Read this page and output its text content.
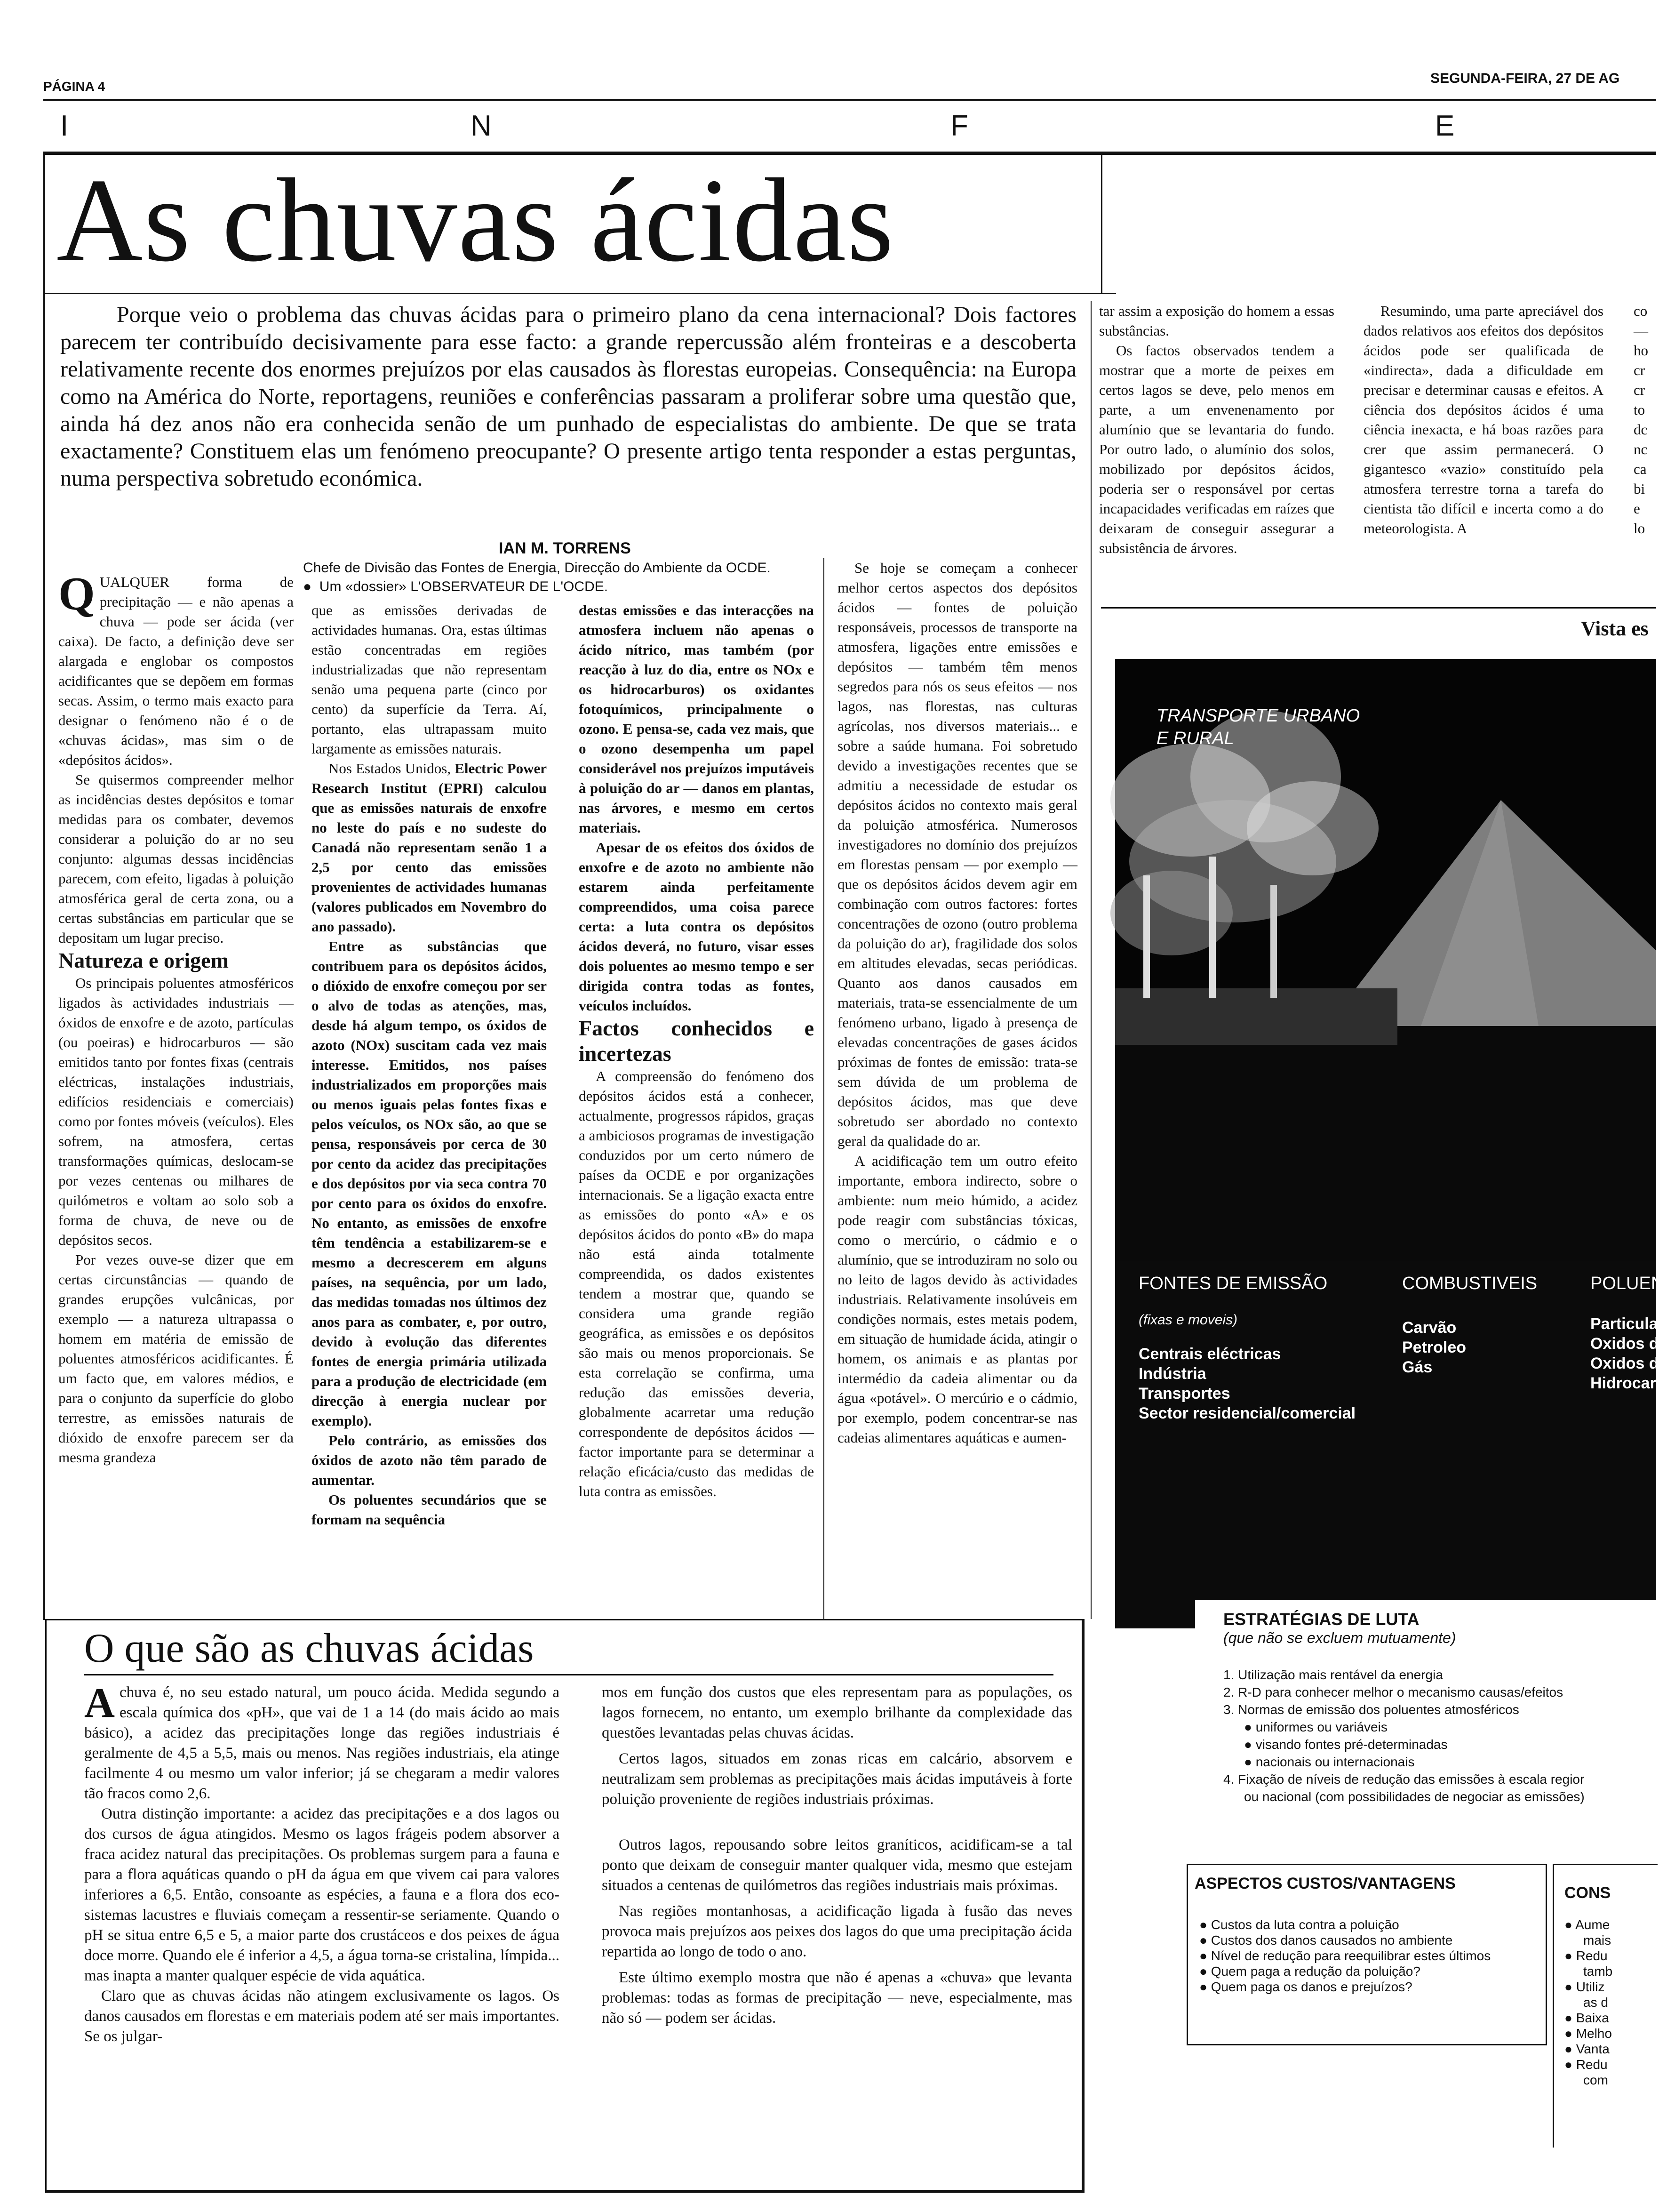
PÁGINA 4
SEGUNDA-FEIRA, 27 DE AG
I	N	F	E
As chuvas ácidas
Porque veio o problema das chuvas ácidas para o primeiro plano da cena internacional? Dois factores parecem ter contribuído decisivamente para esse facto: a grande repercussão além fronteiras e a descoberta relativamente recente dos enormes prejuízos por elas causados às florestas europeias. Consequência: na Europa como na América do Norte, reportagens, reuniões e conferências passaram a proliferar sobre uma questão que, ainda há dez anos não era conhecida senão de um punhado de especialistas do ambiente. De que se trata exactamente? Constituem elas um fenómeno preocupante? O presente artigo tenta responder a estas perguntas, numa perspectiva sobretudo económica.
IAN M. TORRENS
Chefe de Divisão das Fontes de Energia, Direcção do Ambiente da OCDE.
●  Um «dossier» L'OBSERVATEUR DE L'OCDE.

QUALQUER forma de precipitação — e não apenas a chuva — pode ser ácida (ver caixa). De facto, a definição deve ser alargada e englobar os compostos acidificantes que se depõem em formas secas. Assim, o termo mais exacto para designar o fenómeno não é o de «chuvas ácidas», mas sim o de «depósitos ácidos».

Se quisermos compreender melhor as incidências destes depósitos e tomar medidas para os combater, devemos considerar a poluição do ar no seu conjunto: algumas dessas incidências parecem, com efeito, ligadas à poluição atmosférica geral de certa zona, ou a certas substâncias em particular que se depositam um lugar preciso.

Natureza e origem

Os principais poluentes atmosféricos ligados às actividades industriais — óxidos de enxofre e de azoto, partículas (ou poeiras) e hidrocarburos — são emitidos tanto por fontes fixas (centrais eléctricas, instalações industriais, edifícios residenciais e comerciais) como por fontes móveis (veículos). Eles sofrem, na atmosfera, certas transformações químicas, deslocam-se por vezes centenas ou milhares de quilómetros e voltam ao solo sob a forma de chuva, de neve ou de depósitos secos.

Por vezes ouve-se dizer que em certas circunstâncias — quando de grandes erupções vulcânicas, por exemplo — a natureza ultrapassa o homem em matéria de emissão de poluentes atmosféricos acidificantes. É um facto que, em valores médios, e para o conjunto da superfície do globo terrestre, as emissões naturais de dióxido de enxofre parecem ser da mesma grandeza

que as emissões derivadas de actividades humanas. Ora, estas últimas estão concentradas em regiões industrializadas que não representam senão uma pequena parte (cinco por cento) da superfície da Terra. Aí, portanto, elas ultrapassam muito largamente as emissões naturais.

Nos Estados Unidos, Electric Power Research Institut (EPRI) calculou que as emissões naturais de enxofre no leste do país e no sudeste do Canadá não representam senão 1 a 2,5 por cento das emissões provenientes de actividades humanas (valores publicados em Novembro do ano passado).

Entre as substâncias que contribuem para os depósitos ácidos, o dióxido de enxofre começou por ser o alvo de todas as atenções, mas, desde há algum tempo, os óxidos de azoto (NOx) suscitam cada vez mais interesse. Emitidos, nos países industrializados em proporções mais ou menos iguais pelas fontes fixas e pelos veículos, os NOx são, ao que se pensa, responsáveis por cerca de 30 por cento da acidez das precipitações e dos depósitos por via seca contra 70 por cento para os óxidos do enxofre. No entanto, as emissões de enxofre têm tendência a estabilizarem-se e mesmo a decrescerem em alguns países, na sequência, por um lado, das medidas tomadas nos últimos dez anos para as combater, e, por outro, devido à evolução das diferentes fontes de energia primária utilizada para a produção de electricidade (em direcção à energia nuclear por exemplo).

Pelo contrário, as emissões dos óxidos de azoto não têm parado de aumentar.

Os poluentes secundários que se formam na sequência

destas emissões e das interacções na atmosfera incluem não apenas o ácido nítrico, mas também (por reacção à luz do dia, entre os NOx e os hidrocarburos) os oxidantes fotoquímicos, principalmente o ozono. E pensa-se, cada vez mais, que o ozono desempenha um papel considerável nos prejuízos imputáveis à poluição do ar — danos em plantas, nas árvores, e mesmo em certos materiais.

Apesar de os efeitos dos óxidos de enxofre e de azoto no ambiente não estarem ainda perfeitamente compreendidos, uma coisa parece certa: a luta contra os depósitos ácidos deverá, no futuro, visar esses dois poluentes ao mesmo tempo e ser dirigida contra todas as fontes, veículos incluídos.

Factos conhecidos e incertezas

A compreensão do fenómeno dos depósitos ácidos está a conhecer, actualmente, progressos rápidos, graças a ambiciosos programas de investigação conduzidos por um certo número de países da OCDE e por organizações internacionais. Se a ligação exacta entre as emissões do ponto «A» e os depósitos ácidos do ponto «B» do mapa não está ainda totalmente compreendida, os dados existentes tendem a mostrar que, quando se considera uma grande região geográfica, as emissões e os depósitos são mais ou menos proporcionais. Se esta correlação se confirma, uma redução das emissões deveria, globalmente acarretar uma redução correspondente de depósitos ácidos — factor importante para se determinar a relação eficácia/custo das medidas de luta contra as emissões.

Se hoje se começam a conhecer melhor certos aspectos dos depósitos ácidos — fontes de poluição responsáveis, processos de transporte na atmosfera, ligações entre emissões e depósitos — também têm menos segredos para nós os seus efeitos — nos lagos, nas florestas, nas culturas agrícolas, nos diversos materiais... e sobre a saúde humana. Foi sobretudo devido a investigações recentes que se admitiu a necessidade de estudar os depósitos ácidos no contexto mais geral da poluição atmosférica. Numerosos investigadores no domínio dos prejuízos em florestas pensam — por exemplo — que os depósitos ácidos devem agir em combinação com outros factores: fortes concentrações de ozono (outro problema da poluição do ar), fragilidade dos solos em altitudes elevadas, secas periódicas. Quanto aos danos causados em materiais, trata-se essencialmente de um fenómeno urbano, ligado à presença de elevadas concentrações de gases ácidos próximas de fontes de emissão: trata-se sem dúvida de um problema de depósitos ácidos, mas que deve sobretudo ser abordado no contexto geral da qualidade do ar.

A acidificação tem um outro efeito importante, embora indirecto, sobre o ambiente: num meio húmido, a acidez pode reagir com substâncias tóxicas, como o mercúrio, o cádmio e o alumínio, que se introduziram no solo ou no leito de lagos devido às actividades industriais. Relativamente insolúveis em condições normais, estes metais podem, em situação de humidade ácida, atingir o homem, os animais e as plantas por intermédio da cadeia alimentar ou da água «potável». O mercúrio e o cádmio, por exemplo, podem concentrar-se nas cadeias alimentares aquáticas e aumen-

tar assim a exposição do homem a essas substâncias.

Os factos observados tendem a mostrar que a morte de peixes em certos lagos se deve, pelo menos em parte, a um envenenamento por alumínio que se levantaria do fundo. Por outro lado, o alumínio dos solos, mobilizado por depósitos ácidos, poderia ser o responsável por certas incapacidades verificadas em raízes que deixaram de conseguir assegurar a subsistência de árvores.

Resumindo, uma parte apreciável dos dados relativos aos efeitos dos depósitos ácidos pode ser qualificada de «indirecta», dada a dificuldade em precisar e determinar causas e efeitos. A ciência dos depósitos ácidos é uma ciência inexacta, e há boas razões para crer que assim permanecerá. O gigantesco «vazio» constituído pela atmosfera terrestre torna a tarefa do cientista tão difícil e incerta como a do meteorologista. A

co
—
ho
cr
cr
to
dc
nc
ca
bi
e
lo
Vista es
TRANSPORTE URBANO
E RURAL
FONTES DE EMISSÃO
(fixas e moveis)
Centrais eléctricas
Indústria
Transportes
Sector residencial/comercial
COMBUSTIVEIS
Carvão
Petroleo
Gás
POLUEN
Particulas
Oxidos d
Oxidos d
Hidrocarb
ESTRATÉGIAS DE LUTA
(que não se excluem mutuamente)
1. Utilização mais rentável da energia
2. R-D para conhecer melhor o mecanismo causas/efeitos
3. Normas de emissão dos poluentes atmosféricos
● uniformes ou variáveis
● visando fontes pré-determinadas
● nacionais ou internacionais
4. Fixação de níveis de redução das emissões à escala regior
ou nacional (com possibilidades de negociar as emissões)
ASPECTOS CUSTOS/VANTAGENS
● Custos da luta contra a poluição
● Custos dos danos causados no ambiente
● Nível de redução para reequilibrar estes últimos
● Quem paga a redução da poluição?
● Quem paga os danos e prejuízos?
CONS
● Aume
mais
● Redu
tamb
● Utiliz
as d
● Baixa
● Melho
● Vanta
● Redu
com
O que são as chuvas ácidas

Achuva é, no seu estado natural, um pouco ácida. Medida segundo a escala química dos «pH», que vai de 1 a 14 (do mais ácido ao mais básico), a acidez das precipitações longe das regiões industriais é geralmente de 4,5 a 5,5, mais ou menos. Nas regiões industriais, ela atinge facilmente 4 ou mesmo um valor inferior; já se chegaram a medir valores tão fracos como 2,6.

Outra distinção importante: a acidez das precipitações e a dos lagos ou dos cursos de água atingidos. Mesmo os lagos frágeis podem absorver a fraca acidez natural das precipitações. Os problemas surgem para a fauna e para a flora aquáticas quando o pH da água em que vivem cai para valores inferiores a 6,5. Então, consoante as espécies, a fauna e a flora dos eco-sistemas lacustres e fluviais começam a ressentir-se seriamente. Quando o pH se situa entre 6,5 e 5, a maior parte dos crustáceos e dos peixes de água doce morre. Quando ele é inferior a 4,5, a água torna-se cristalina, límpida... mas inapta a manter qualquer espécie de vida aquática.

Claro que as chuvas ácidas não atingem exclusivamente os lagos. Os danos causados em florestas e em materiais podem até ser mais importantes. Se os julgar-

mos em função dos custos que eles representam para as populações, os lagos fornecem, no entanto, um exemplo brilhante da complexidade das questões levantadas pelas chuvas ácidas.

Certos lagos, situados em zonas ricas em calcário, absorvem e neutralizam sem problemas as precipitações mais ácidas imputáveis à forte poluição proveniente de regiões industriais próximas.

Outros lagos, repousando sobre leitos graníticos, acidificam-se a tal ponto que deixam de conseguir manter qualquer vida, mesmo que estejam situados a centenas de quilómetros das regiões industriais mais próximas.

Nas regiões montanhosas, a acidificação ligada à fusão das neves provoca mais prejuízos aos peixes dos lagos do que uma precipitação ácida repartida ao longo de todo o ano.

Este último exemplo mostra que não é apenas a «chuva» que levanta problemas: todas as formas de precipitação — neve, especialmente, mas não só — podem ser ácidas.
